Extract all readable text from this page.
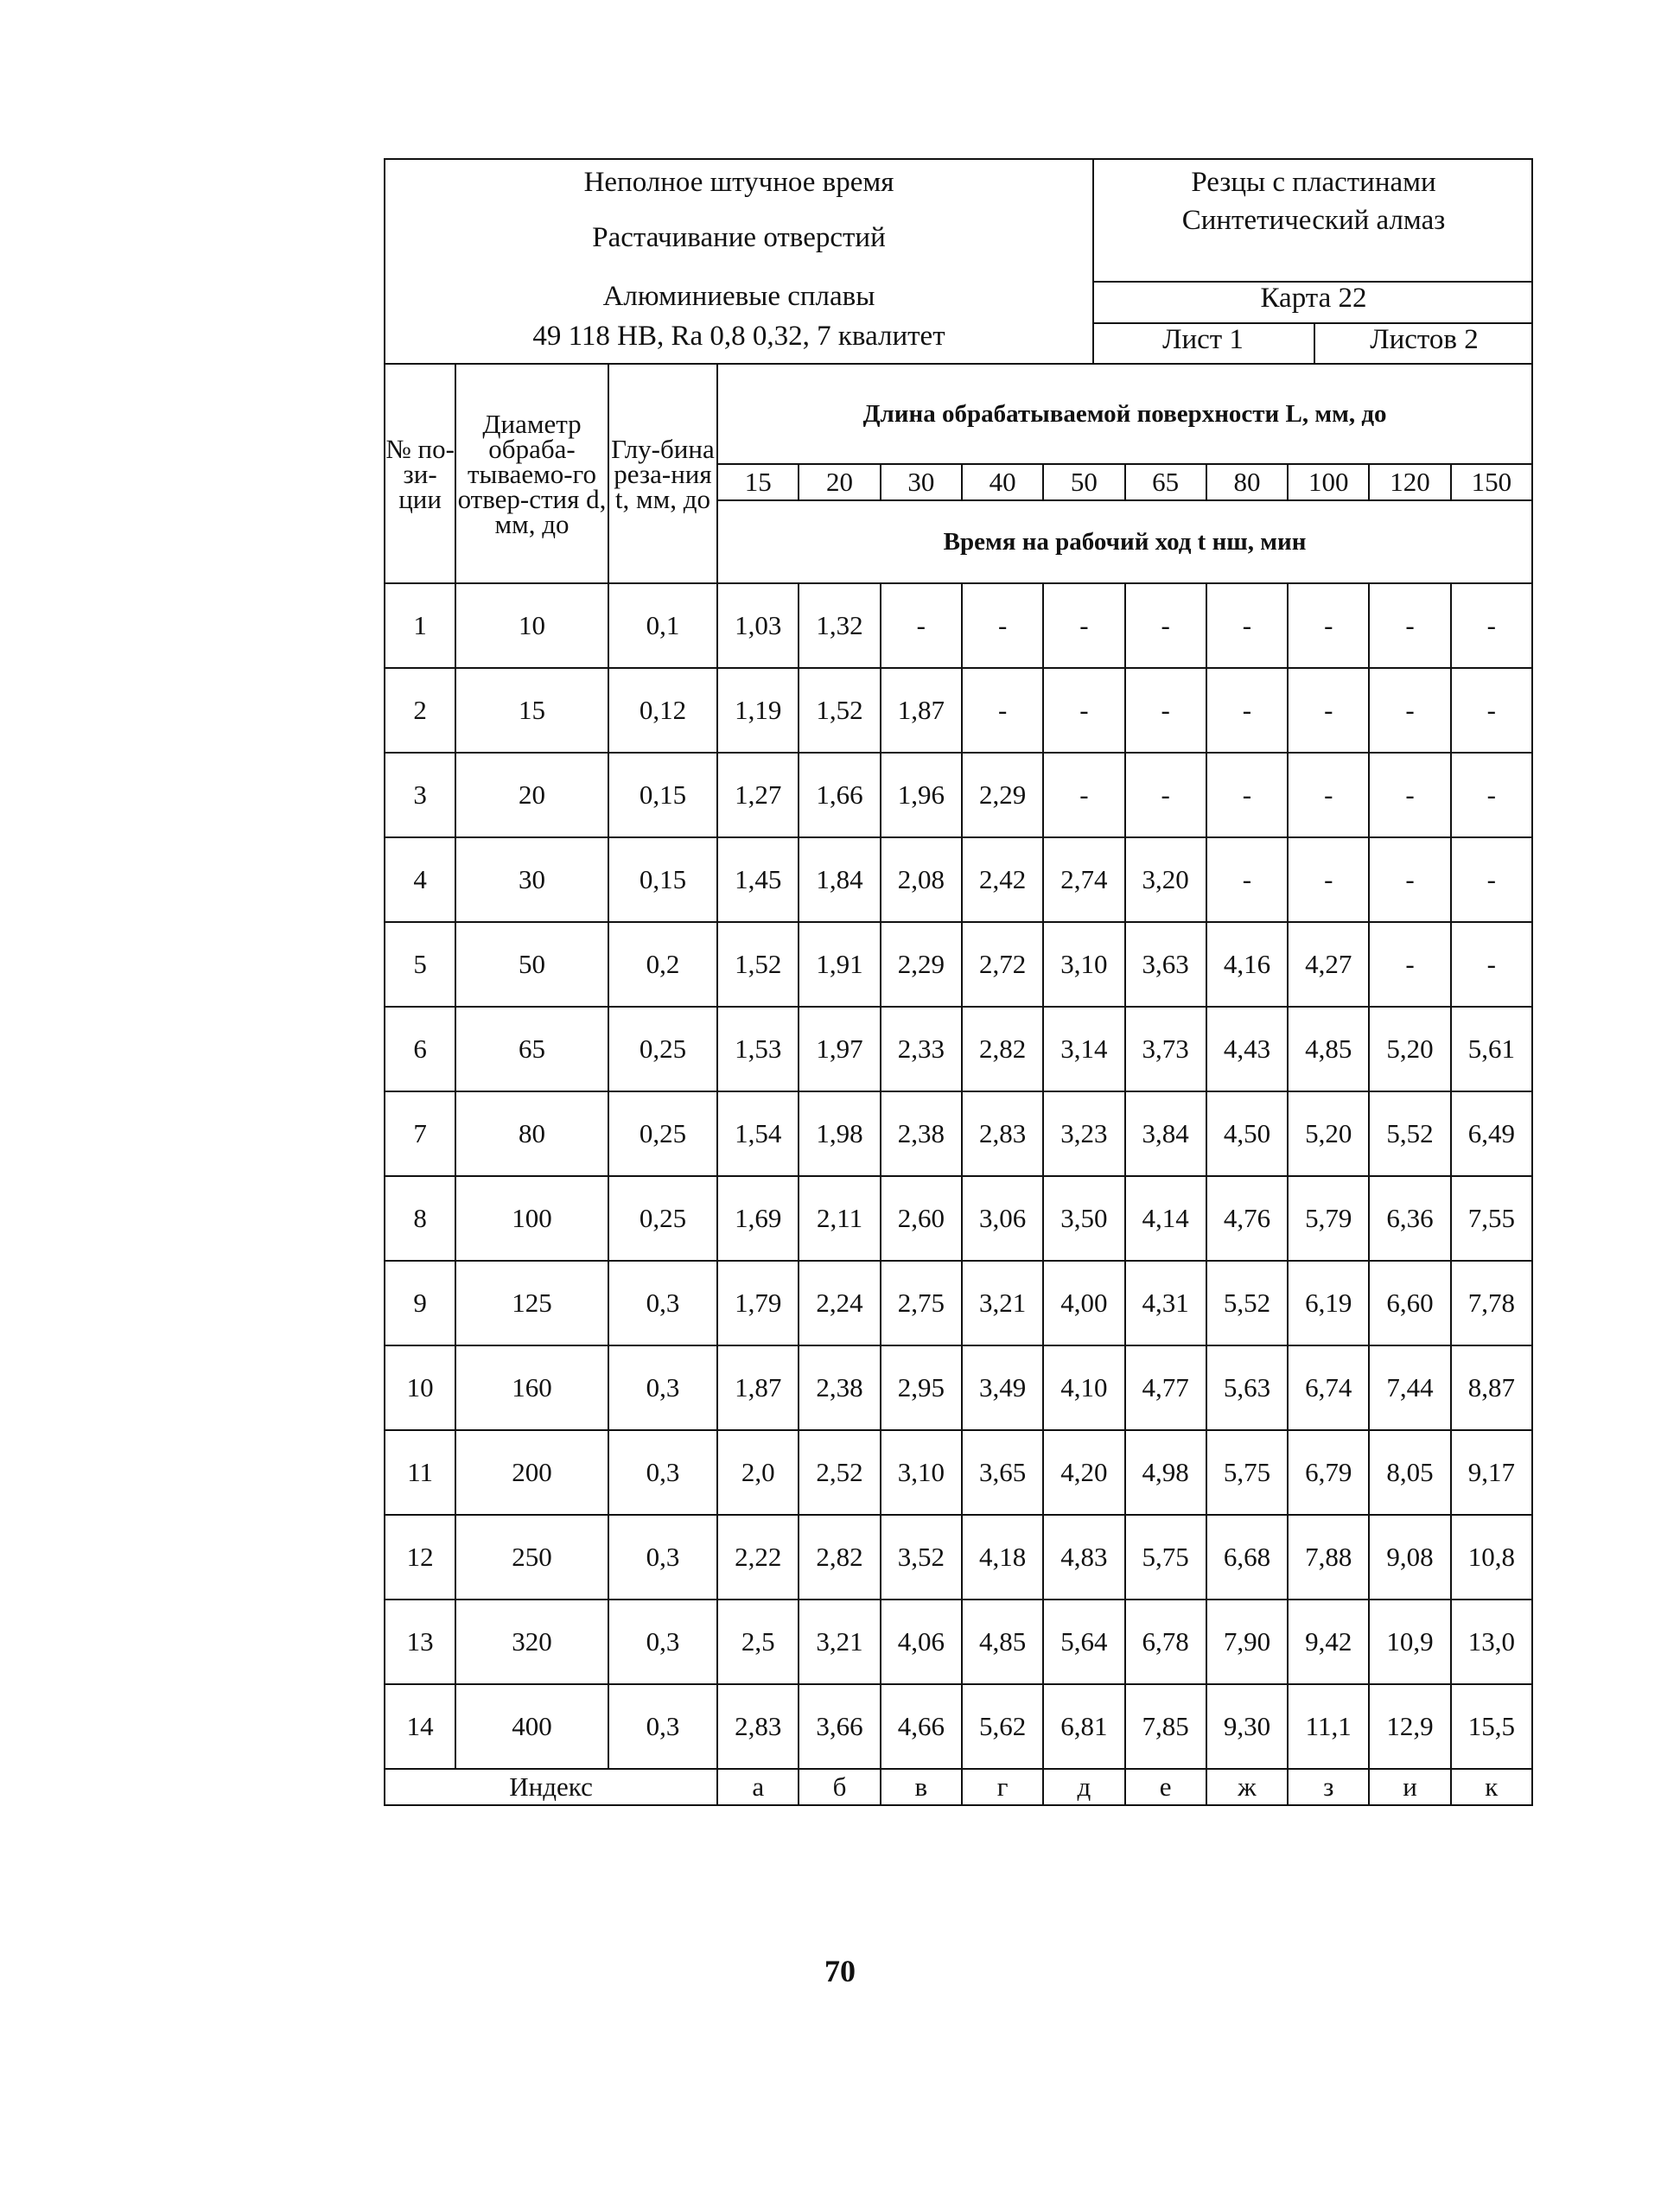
Неполное штучное время
Растачивание отверстий
Алюминиевые сплавы
49 118 НВ, Ra 0,8 0,32, 7 квалитет
Резцы с пластинами
Синтетический алмаз
Карта 22
Лист 1	Листов 2
№ по-зи-ции	Диаметр обраба-тываемо-го отвер-стия d, мм, до	Глу-бина реза-ния t, мм, до	Длина обрабатываемой поверхности L, мм, до									
			15	20	30	40	50	65	80	100	120	150
			Время на рабочий ход t нш, мин									
1	10	0,1	1,03	1,32	-	-	-	-	-	-	-	-
2	15	0,12	1,19	1,52	1,87	-	-	-	-	-	-	-
3	20	0,15	1,27	1,66	1,96	2,29	-	-	-	-	-	-
4	30	0,15	1,45	1,84	2,08	2,42	2,74	3,20	-	-	-	-
5	50	0,2	1,52	1,91	2,29	2,72	3,10	3,63	4,16	4,27	-	-
6	65	0,25	1,53	1,97	2,33	2,82	3,14	3,73	4,43	4,85	5,20	5,61
7	80	0,25	1,54	1,98	2,38	2,83	3,23	3,84	4,50	5,20	5,52	6,49
8	100	0,25	1,69	2,11	2,60	3,06	3,50	4,14	4,76	5,79	6,36	7,55
9	125	0,3	1,79	2,24	2,75	3,21	4,00	4,31	5,52	6,19	6,60	7,78
10	160	0,3	1,87	2,38	2,95	3,49	4,10	4,77	5,63	6,74	7,44	8,87
11	200	0,3	2,0	2,52	3,10	3,65	4,20	4,98	5,75	6,79	8,05	9,17
12	250	0,3	2,22	2,82	3,52	4,18	4,83	5,75	6,68	7,88	9,08	10,8
13	320	0,3	2,5	3,21	4,06	4,85	5,64	6,78	7,90	9,42	10,9	13,0
14	400	0,3	2,83	3,66	4,66	5,62	6,81	7,85	9,30	11,1	12,9	15,5
Индекс			а	б	в	г	д	е	ж	з	и	к
70
